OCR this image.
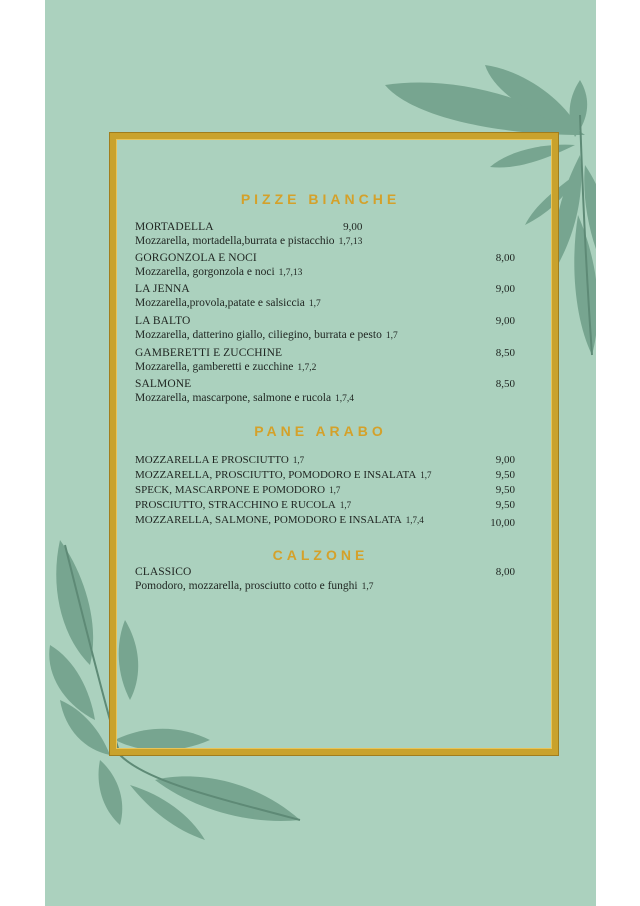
PIZZE BIANCHE
MORTADELLA
Mozzarella, mortadella,burrata e pistacchio 1,7,13
9,00
GORGONZOLA E NOCI
Mozzarella, gorgonzola e noci 1,7,13
8,00
LA JENNA
Mozzarella,provola,patate e salsiccia 1,7
9,00
LA BALTO
Mozzarella, datterino giallo, ciliegino, burrata e pesto 1,7
9,00
GAMBERETTI E ZUCCHINE
Mozzarella, gamberetti e zucchine 1,7,2
8,50
SALMONE
Mozzarella, mascarpone, salmone e rucola 1,7,4
8,50
PANE ARABO
MOZZARELLA E PROSCIUTTO 1,7	9,00
MOZZARELLA, PROSCIUTTO, POMODORO E INSALATA 1,7	9,50
SPECK, MASCARPONE E POMODORO 1,7	9,50
PROSCIUTTO, STRACCHINO E RUCOLA 1,7	9,50
MOZZARELLA, SALMONE, POMODORO E INSALATA 1,7,4	10,00
CALZONE
CLASSICO
Pomodoro, mozzarella, prosciutto cotto e funghi 1,7
8,00
